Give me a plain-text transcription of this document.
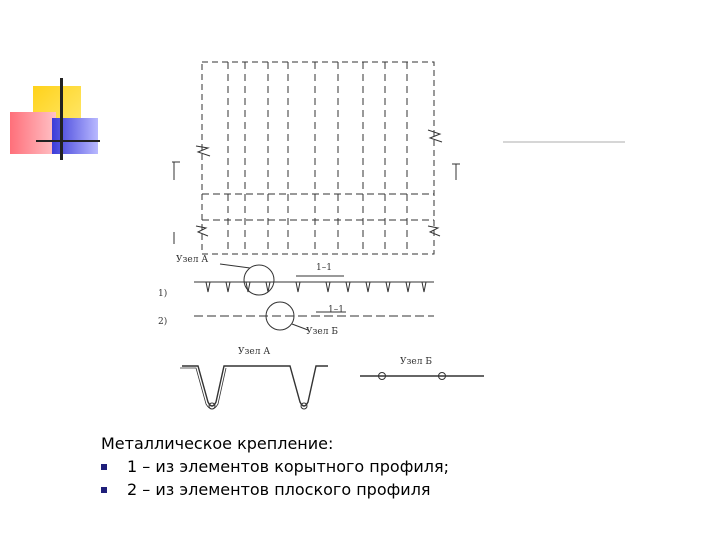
Узел А
1–1
1)
2)
1–1
Узел Б
Узел А
Узел Б
Металлическое крепление:
1 – из элементов корытного профиля;
2 – из элементов плоского профиля
